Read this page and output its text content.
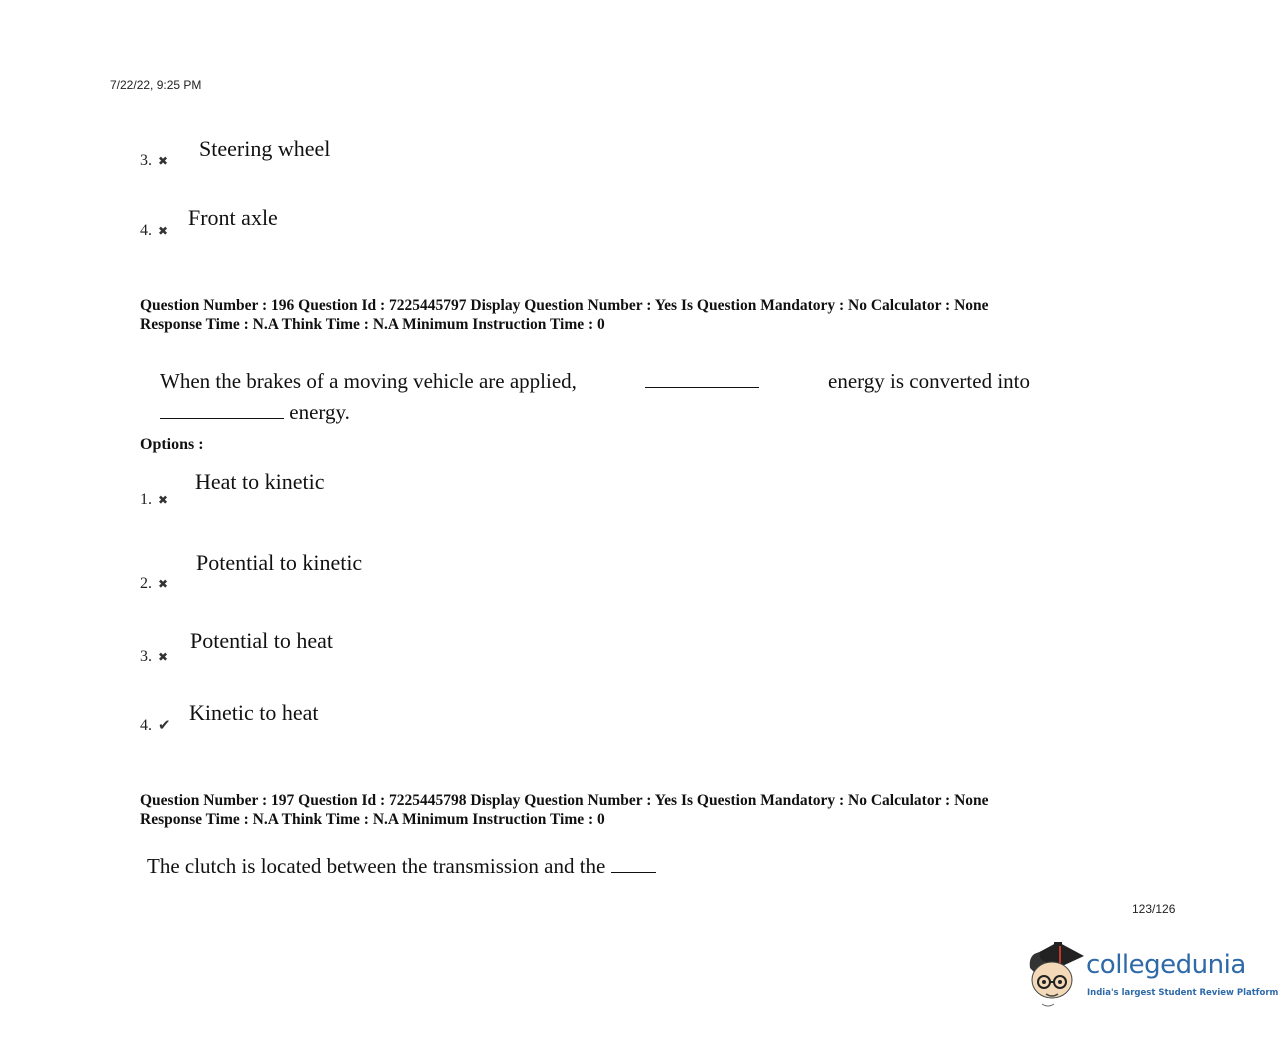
7/22/22, 9:25 PM
3. ✖ Steering wheel
4. ✖
Front axle
Question Number : 196 Question Id : 7225445797 Display Question Number : Yes Is Question Mandatory : No Calculator : None
Response Time : N.A Think Time : N.A Minimum Instruction Time : 0
When the brakes of a moving vehicle are applied,	energy is converted into
energy.
Options :
1. ✖
Heat to kinetic
2. ✖
Potential to kinetic
3. ✖
Potential to heat
4. ✔ Kinetic to heat
Question Number : 197 Question Id : 7225445798 Display Question Number : Yes Is Question Mandatory : No Calculator : None
Response Time : N.A Think Time : N.A Minimum Instruction Time : 0
The clutch is located between the transmission and the
123/126
collegedunia
India's largest Student Review Platform
